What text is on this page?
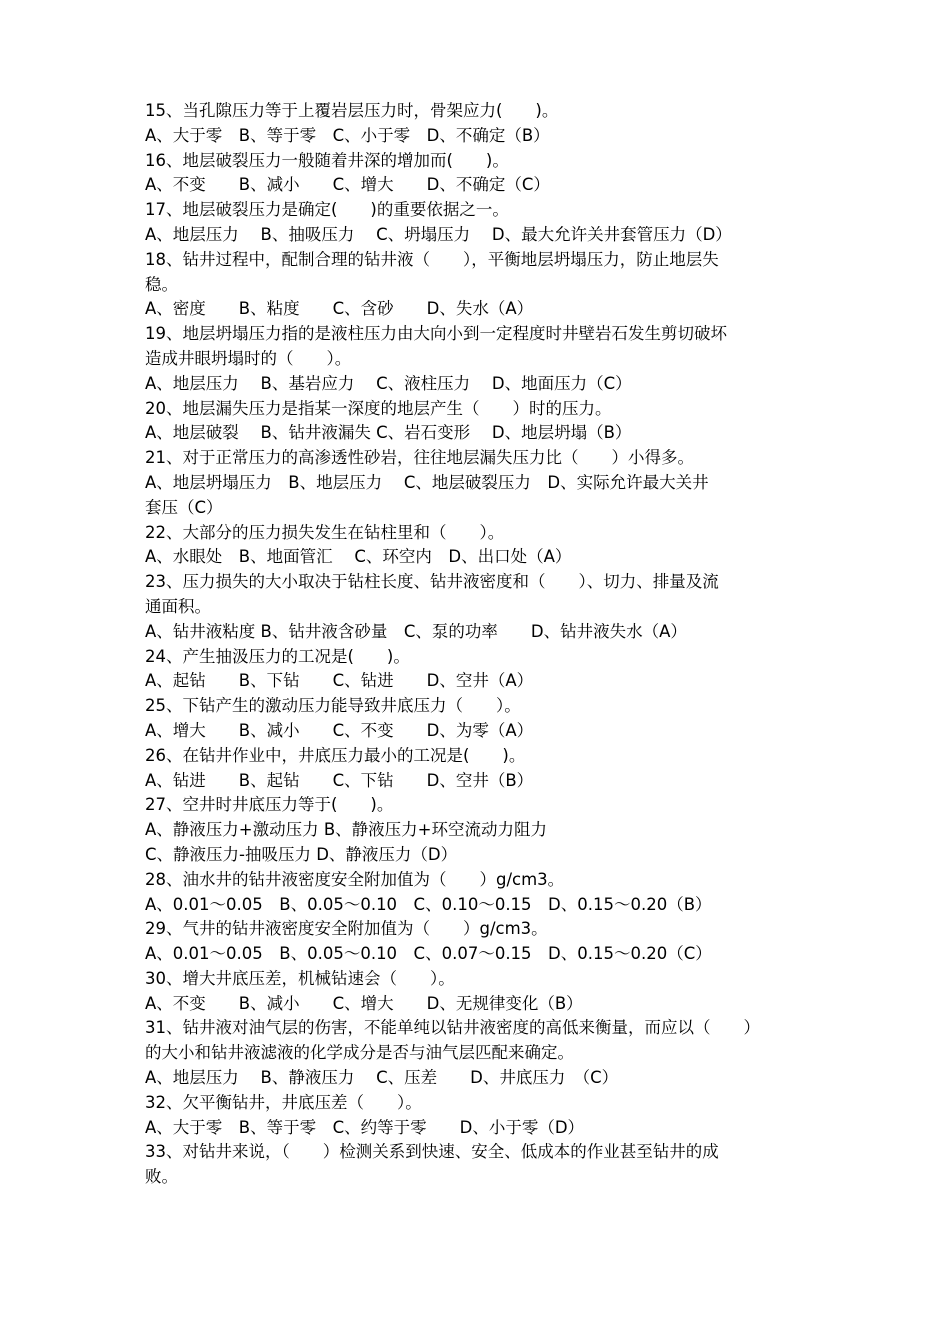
15、当孔隙压力等于上覆岩层压力时，骨架应力(　　)。
A、大于零　B、等于零　C、小于零　D、不确定（B）
16、地层破裂压力一般随着井深的增加而(　　)。
A、不变　　B、减小　　C、增大　　D、不确定（C）
17、地层破裂压力是确定(　　)的重要依据之一。
A、地层压力　 B、抽吸压力　 C、坍塌压力　 D、最大允许关井套管压力（D）
18、钻井过程中，配制合理的钻井液（　　），平衡地层坍塌压力，防止地层失
稳。
A、密度　　B、粘度　　C、含砂　　D、失水（A）
19、地层坍塌压力指的是液柱压力由大向小到一定程度时井壁岩石发生剪切破坏
造成井眼坍塌时的（　　）。
A、地层压力　 B、基岩应力　 C、液柱压力　 D、地面压力（C）
20、地层漏失压力是指某一深度的地层产生（　　）时的压力。
A、地层破裂　 B、钻井液漏失 C、岩石变形　 D、地层坍塌（B）
21、对于正常压力的高渗透性砂岩，往往地层漏失压力比（　　）小得多。
A、地层坍塌压力　B、地层压力　 C、地层破裂压力　D、实际允许最大关井
套压（C）
22、大部分的压力损失发生在钻柱里和（　　）。
A、水眼处　B、地面管汇　 C、环空内　D、出口处（A）
23、压力损失的大小取决于钻柱长度、钻井液密度和（　　）、切力、排量及流
通面积。
A、钻井液粘度 B、钻井液含砂量　C、泵的功率　　D、钻井液失水（A）
24、产生抽汲压力的工况是(　　)。
A、起钻　　B、下钻　　C、钻进　　D、空井（A）
25、下钻产生的激动压力能导致井底压力（　　）。
A、增大　　B、减小　　C、不变　　D、为零（A）
26、在钻井作业中，井底压力最小的工况是(　　)。
A、钻进　　B、起钻　　C、下钻　　D、空井（B）
27、空井时井底压力等于(　　)。
A、静液压力+激动压力 B、静液压力+环空流动力阻力
C、静液压力-抽吸压力 D、静液压力（D）
28、油水井的钻井液密度安全附加值为（　　）g/cm3。
A、0.01～0.05　B、0.05～0.10　C、0.10～0.15　D、0.15～0.20（B）
29、气井的钻井液密度安全附加值为（　　）g/cm3。
A、0.01～0.05　B、0.05～0.10　C、0.07～0.15　D、0.15～0.20（C）
30、增大井底压差，机械钻速会（　　）。
A、不变　　B、减小　　C、增大　　D、无规律变化（B）
31、钻井液对油气层的伤害，不能单纯以钻井液密度的高低来衡量，而应以（　　）
的大小和钻井液滤液的化学成分是否与油气层匹配来确定。
A、地层压力　 B、静液压力　 C、压差　　D、井底压力　（C）
32、欠平衡钻井，井底压差（　　）。
A、大于零　B、等于零　C、约等于零　　D、小于零（D）
33、对钻井来说，（　　）检测关系到快速、安全、低成本的作业甚至钻井的成
败。
